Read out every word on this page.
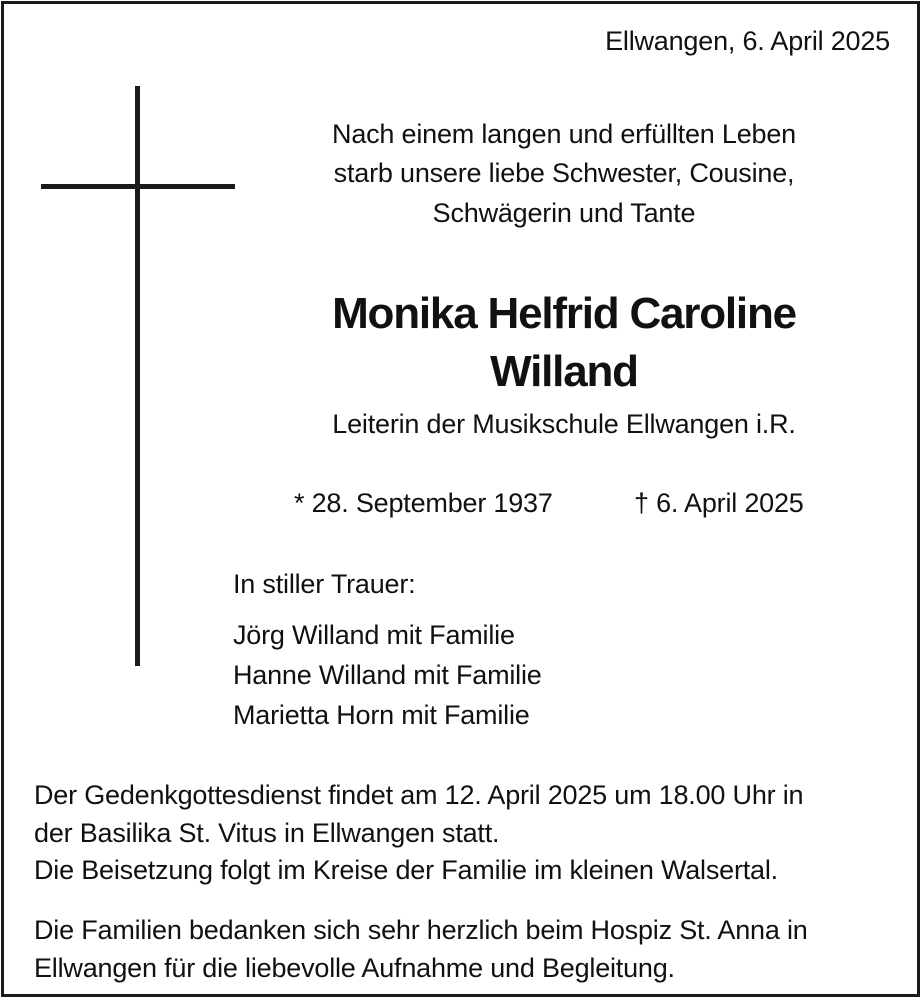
Ellwangen, 6. April 2025
Nach einem langen und erfüllten Leben
starb unsere liebe Schwester, Cousine,
Schwägerin und Tante
Monika Helfrid Caroline
Willand
Leiterin der Musikschule Ellwangen i.R.
* 28. September 1937	† 6. April 2025
In stiller Trauer:
Jörg Willand mit Familie
Hanne Willand mit Familie
Marietta Horn mit Familie
Der Gedenkgottesdienst findet am 12. April 2025 um 18.00 Uhr in
der Basilika St. Vitus in Ellwangen statt.
Die Beisetzung folgt im Kreise der Familie im kleinen Walsertal.
Die Familien bedanken sich sehr herzlich beim Hospiz St. Anna in
Ellwangen für die liebevolle Aufnahme und Begleitung.
